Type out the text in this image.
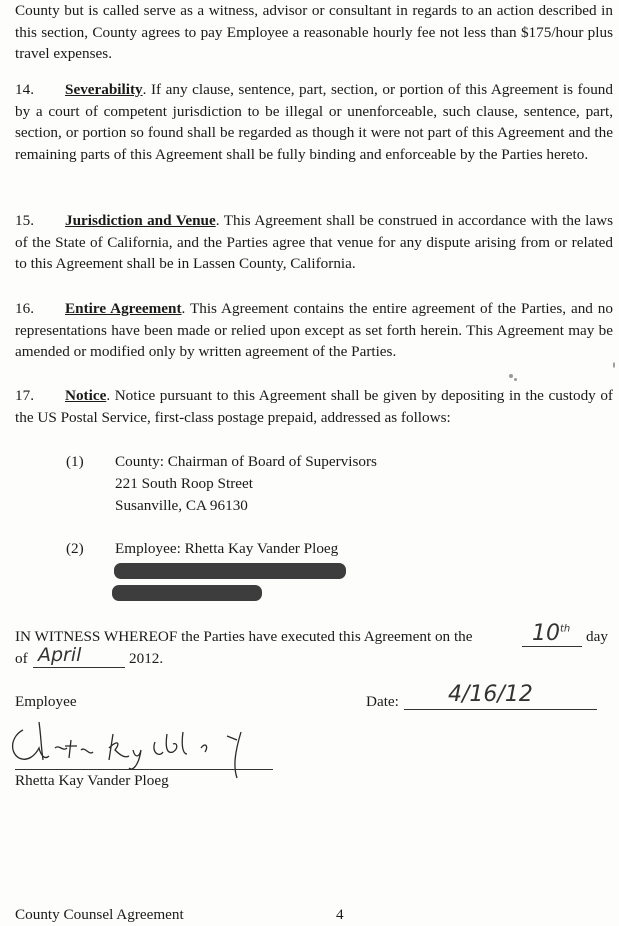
County but is called serve as a witness, advisor or consultant in regards to an action described in this section, County agrees to pay Employee a reasonable hourly fee not less than $175/hour plus travel expenses.

14. Severability. If any clause, sentence, part, section, or portion of this Agreement is found by a court of competent jurisdiction to be illegal or unenforceable, such clause, sentence, part, section, or portion so found shall be regarded as though it were not part of this Agreement and the remaining parts of this Agreement shall be fully binding and enforceable by the Parties hereto.

15. Jurisdiction and Venue. This Agreement shall be construed in accordance with the laws of the State of California, and the Parties agree that venue for any dispute arising from or related to this Agreement shall be in Lassen County, California.

16. Entire Agreement. This Agreement contains the entire agreement of the Parties, and no representations have been made or relied upon except as set forth herein. This Agreement may be amended or modified only by written agreement of the Parties.

17. Notice. Notice pursuant to this Agreement shall be given by depositing in the custody of the US Postal Service, first-class postage prepaid, addressed as follows:

(1) County: Chairman of Board of Supervisors
221 South Roop Street
Susanville, CA 96130
(2) Employee: Rhetta Kay Vander Ploeg
IN WITNESS WHEREOF the Parties have executed this Agreement on the	10th day
of April	2012.
Employee	Date: 4/16/12
Rhetta Kay Vander Ploeg
County Counsel Agreement	4
